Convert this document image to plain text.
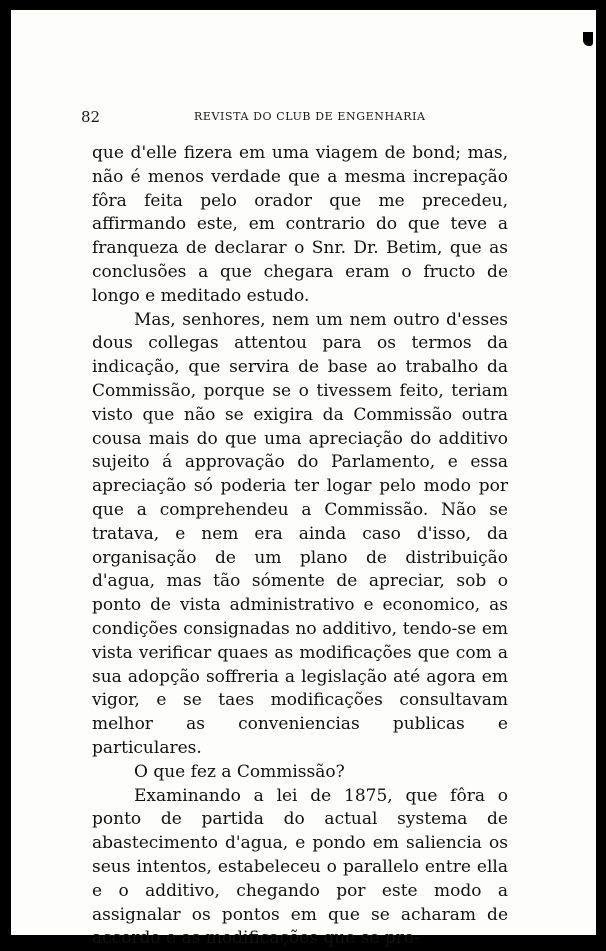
82	REVISTA DO CLUB DE ENGENHARIA

que d'elle fizera em uma viagem de bond; mas, não é menos verdade que a mesma increpação fôra feita pelo orador que me precedeu, affirmando este, em contrario do que teve a franqueza de declarar o Snr. Dr. Betim, que as conclusões a que chegara eram o fructo de longo e meditado estudo.

Mas, senhores, nem um nem outro d'esses dous collegas attentou para os termos da indicação, que servira de base ao trabalho da Commissão, porque se o tivessem feito, teriam visto que não se exigira da Commissão outra cousa mais do que uma apreciação do additivo sujeito á approvação do Parlamento, e essa apreciação só poderia ter logar pelo modo por que a comprehendeu a Commissão. Não se tratava, e nem era ainda caso d'isso, da organisação de um plano de distribuição d'agua, mas tão sómente de apreciar, sob o ponto de vista administrativo e economico, as condições consignadas no additivo, tendo-se em vista verificar quaes as modificações que com a sua adopção soffreria a legislação até agora em vigor, e se taes modificações consultavam melhor as conveniencias publicas e particulares.

O que fez a Commissão?

Examinando a lei de 1875, que fôra o ponto de partida do actual systema de abastecimento d'agua, e pondo em saliencia os seus intentos, estabeleceu o parallelo entre ella e o additivo, chegando por este modo a assignalar os pontos em que se acharam de accordo e as modificações que se pro-
